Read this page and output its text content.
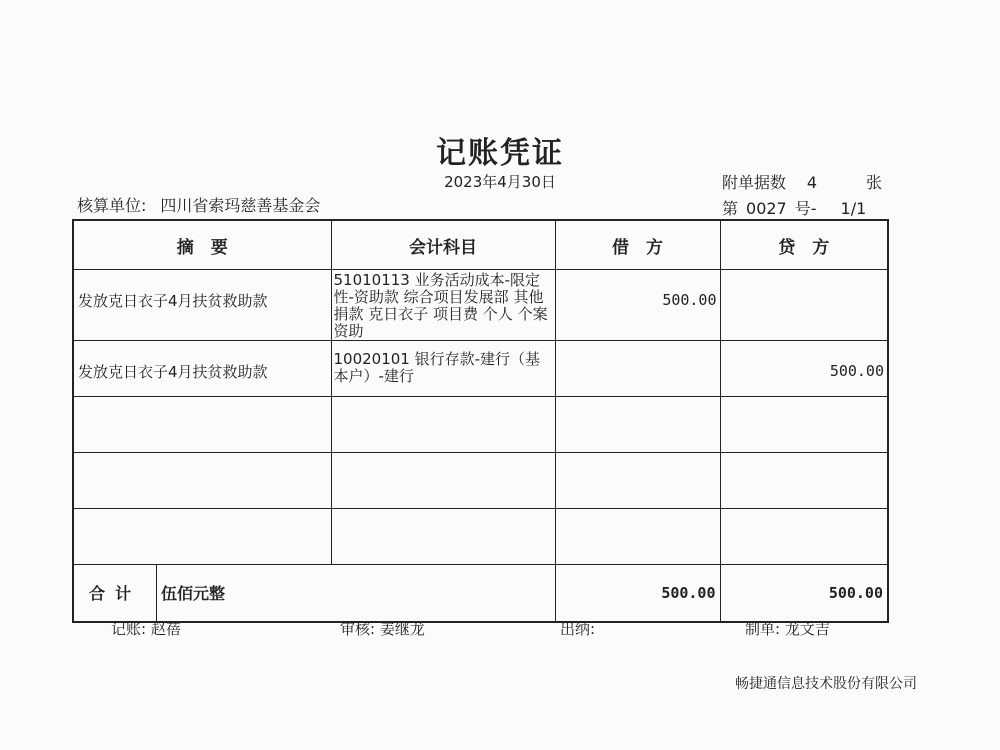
记账凭证
2023年4月30日
核算单位: 四川省索玛慈善基金会
附单据数 4	张
第 0027 号- 1/1
摘　要	会计科目	借　方	贷　方
发放克日衣子4月扶贫救助款	51010113 业务活动成本-限定性-资助款 综合项目发展部 其他捐款 克日衣子 项目费 个人 个案资助	500.00	
发放克日衣子4月扶贫救助款	10020101 银行存款-建行（基本户）-建行		500.00

合计 伍佰元整		500.00	500.00
记账: 赵蓓	审核: 姜继龙	出纳:	制单: 龙文吉
畅捷通信息技术股份有限公司
